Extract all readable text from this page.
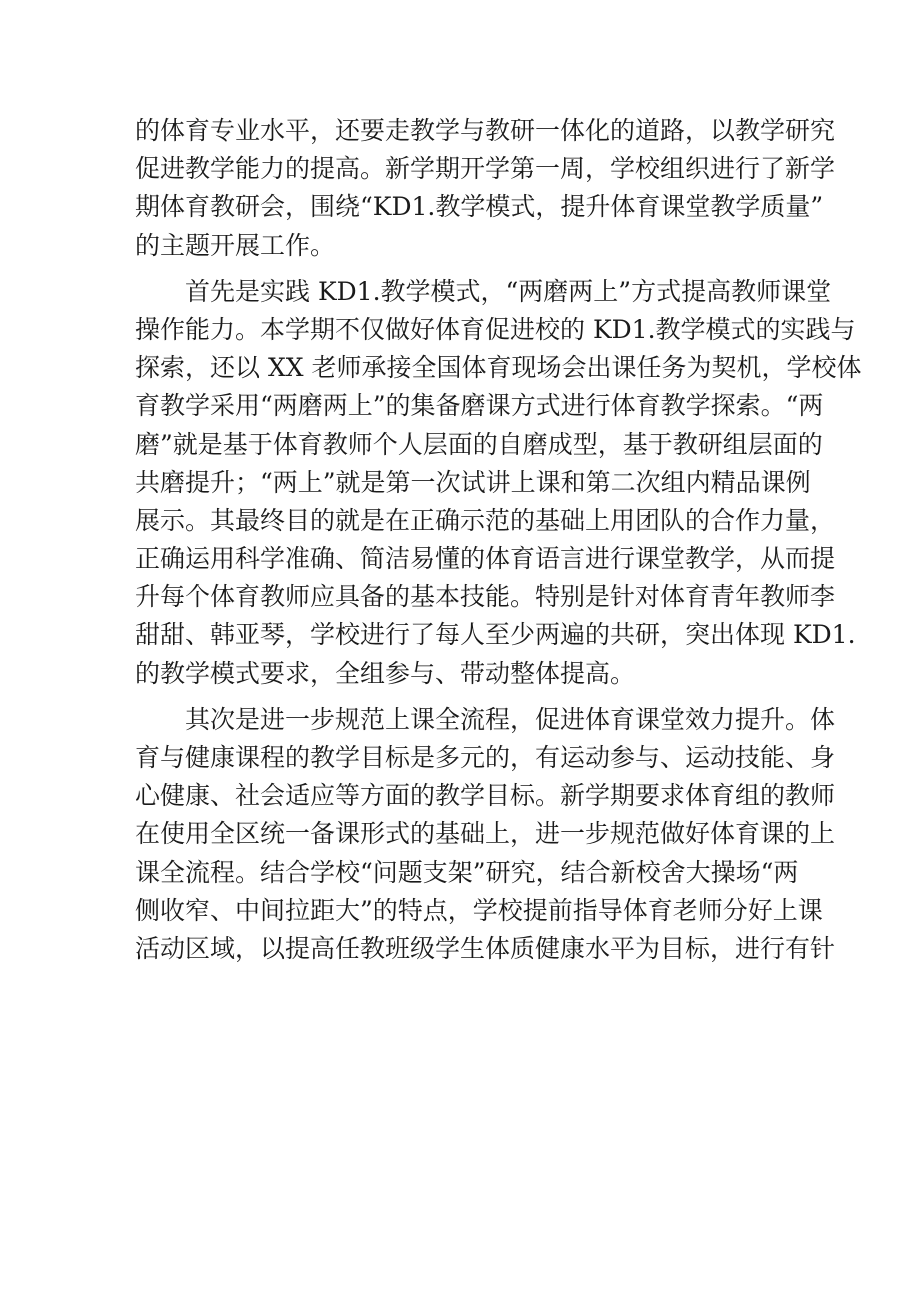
的体育专业水平，还要走教学与教研一体化的道路，以教学研究
促进教学能力的提高。新学期开学第一周，学校组织进行了新学
期体育教研会，围绕“KD1.教学模式，提升体育课堂教学质量”
的主题开展工作。
　　首先是实践 KD1.教学模式，“两磨两上”方式提高教师课堂
操作能力。本学期不仅做好体育促进校的 KD1.教学模式的实践与
探索，还以 XX 老师承接全国体育现场会出课任务为契机，学校体
育教学采用“两磨两上”的集备磨课方式进行体育教学探索。“两
磨”就是基于体育教师个人层面的自磨成型，基于教研组层面的
共磨提升；“两上”就是第一次试讲上课和第二次组内精品课例
展示。其最终目的就是在正确示范的基础上用团队的合作力量，
正确运用科学准确、简洁易懂的体育语言进行课堂教学，从而提
升每个体育教师应具备的基本技能。特别是针对体育青年教师李
甜甜、韩亚琴，学校进行了每人至少两遍的共研，突出体现 KD1.
的教学模式要求，全组参与、带动整体提高。
　　其次是进一步规范上课全流程，促进体育课堂效力提升。体
育与健康课程的教学目标是多元的，有运动参与、运动技能、身
心健康、社会适应等方面的教学目标。新学期要求体育组的教师
在使用全区统一备课形式的基础上，进一步规范做好体育课的上
课全流程。结合学校“问题支架”研究，结合新校舍大操场“两
侧收窄、中间拉距大”的特点，学校提前指导体育老师分好上课
活动区域，以提高任教班级学生体质健康水平为目标，进行有针
